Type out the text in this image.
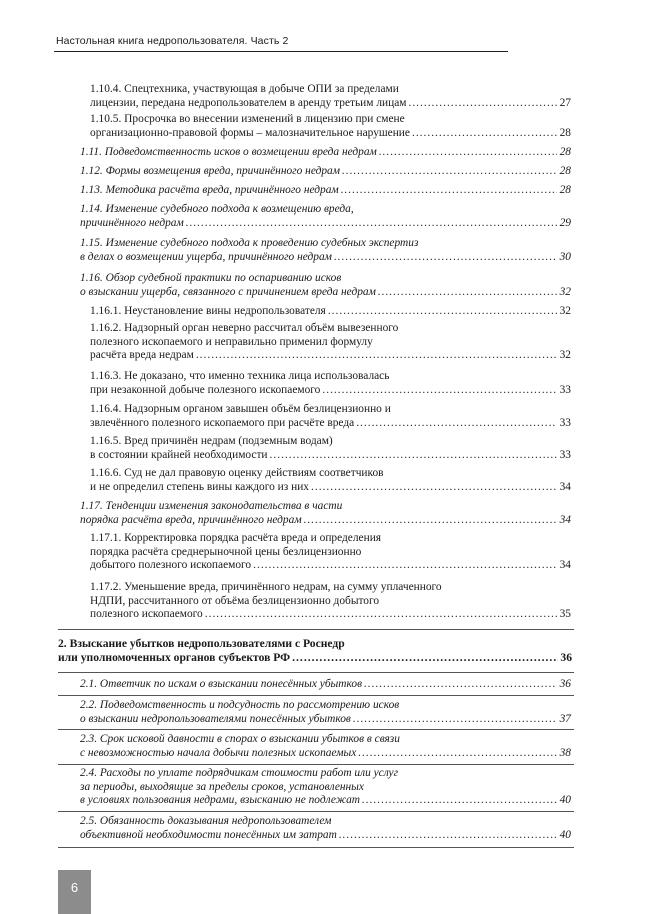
Настольная книга недропользователя. Часть 2
1.10.4. Спецтехника, участвующая в добыче ОПИ за пределами
лицензии, передана недропользователем в аренду третьим лицам .....	27
1.10.5. Просрочка во внесении изменений в лицензию при смене
организационно-правовой формы – малозначительное нарушение .....	28
1.11. Подведомственность исков о возмещении вреда недрам .....	28
1.12. Формы возмещения вреда, причинённого недрам .....	28
1.13. Методика расчёта вреда, причинённого недрам .....	28
1.14. Изменение судебного подхода к возмещению вреда,
причинённого недрам .....	29
1.15. Изменение судебного подхода к проведению судебных экспертиз
в делах о возмещении ущерба, причинённого недрам .....	30
1.16. Обзор судебной практики по оспариванию исков
о взыскании ущерба, связанного с причинением вреда недрам .....	32
1.16.1. Неустановление вины недропользователя .....	32
1.16.2. Надзорный орган неверно рассчитал объём вывезенного
полезного ископаемого и неправильно применил формулу
расчёта вреда недрам .....	32
1.16.3. Не доказано, что именно техника лица использовалась
при незаконной добыче полезного ископаемого .....	33
1.16.4. Надзорным органом завышен объём безлицензионно и
звлечённого полезного ископаемого при расчёте вреда .....	33
1.16.5. Вред причинён недрам (подземным водам)
в состоянии крайней необходимости .....	33
1.16.6. Суд не дал правовую оценку действиям соответчиков
и не определил степень вины каждого из них .....	34
1.17. Тенденции изменения законодательства в части
порядка расчёта вреда, причинённого недрам .....	34
1.17.1. Корректировка порядка расчёта вреда и определения
порядка расчёта среднерыночной цены безлицензионно
добытого полезного ископаемого .....	34
1.17.2. Уменьшение вреда, причинённого недрам, на сумму уплаченного
НДПИ, рассчитанного от объёма безлицензионно добытого
полезного ископаемого .....	35
2. Взыскание убытков недропользователями с Роснедр
или уполномоченных органов субъектов РФ .....	36
2.1. Ответчик по искам о взыскании понесённых убытков .....	36
2.2. Подведомственность и подсудность по рассмотрению исков
о взыскании недропользователями понесённых убытков .....	37
2.3. Срок исковой давности в спорах о взыскании убытков в связи
с невозможностью начала добычи полезных ископаемых .....	38
2.4. Расходы по уплате подрядчикам стоимости работ или услуг
за периоды, выходящие за пределы сроков, установленных
в условиях пользования недрами, взысканию не подлежат .....	40
2.5. Обязанность доказывания недропользователем
объективной необходимости понесённых им затрат .....	40
6
